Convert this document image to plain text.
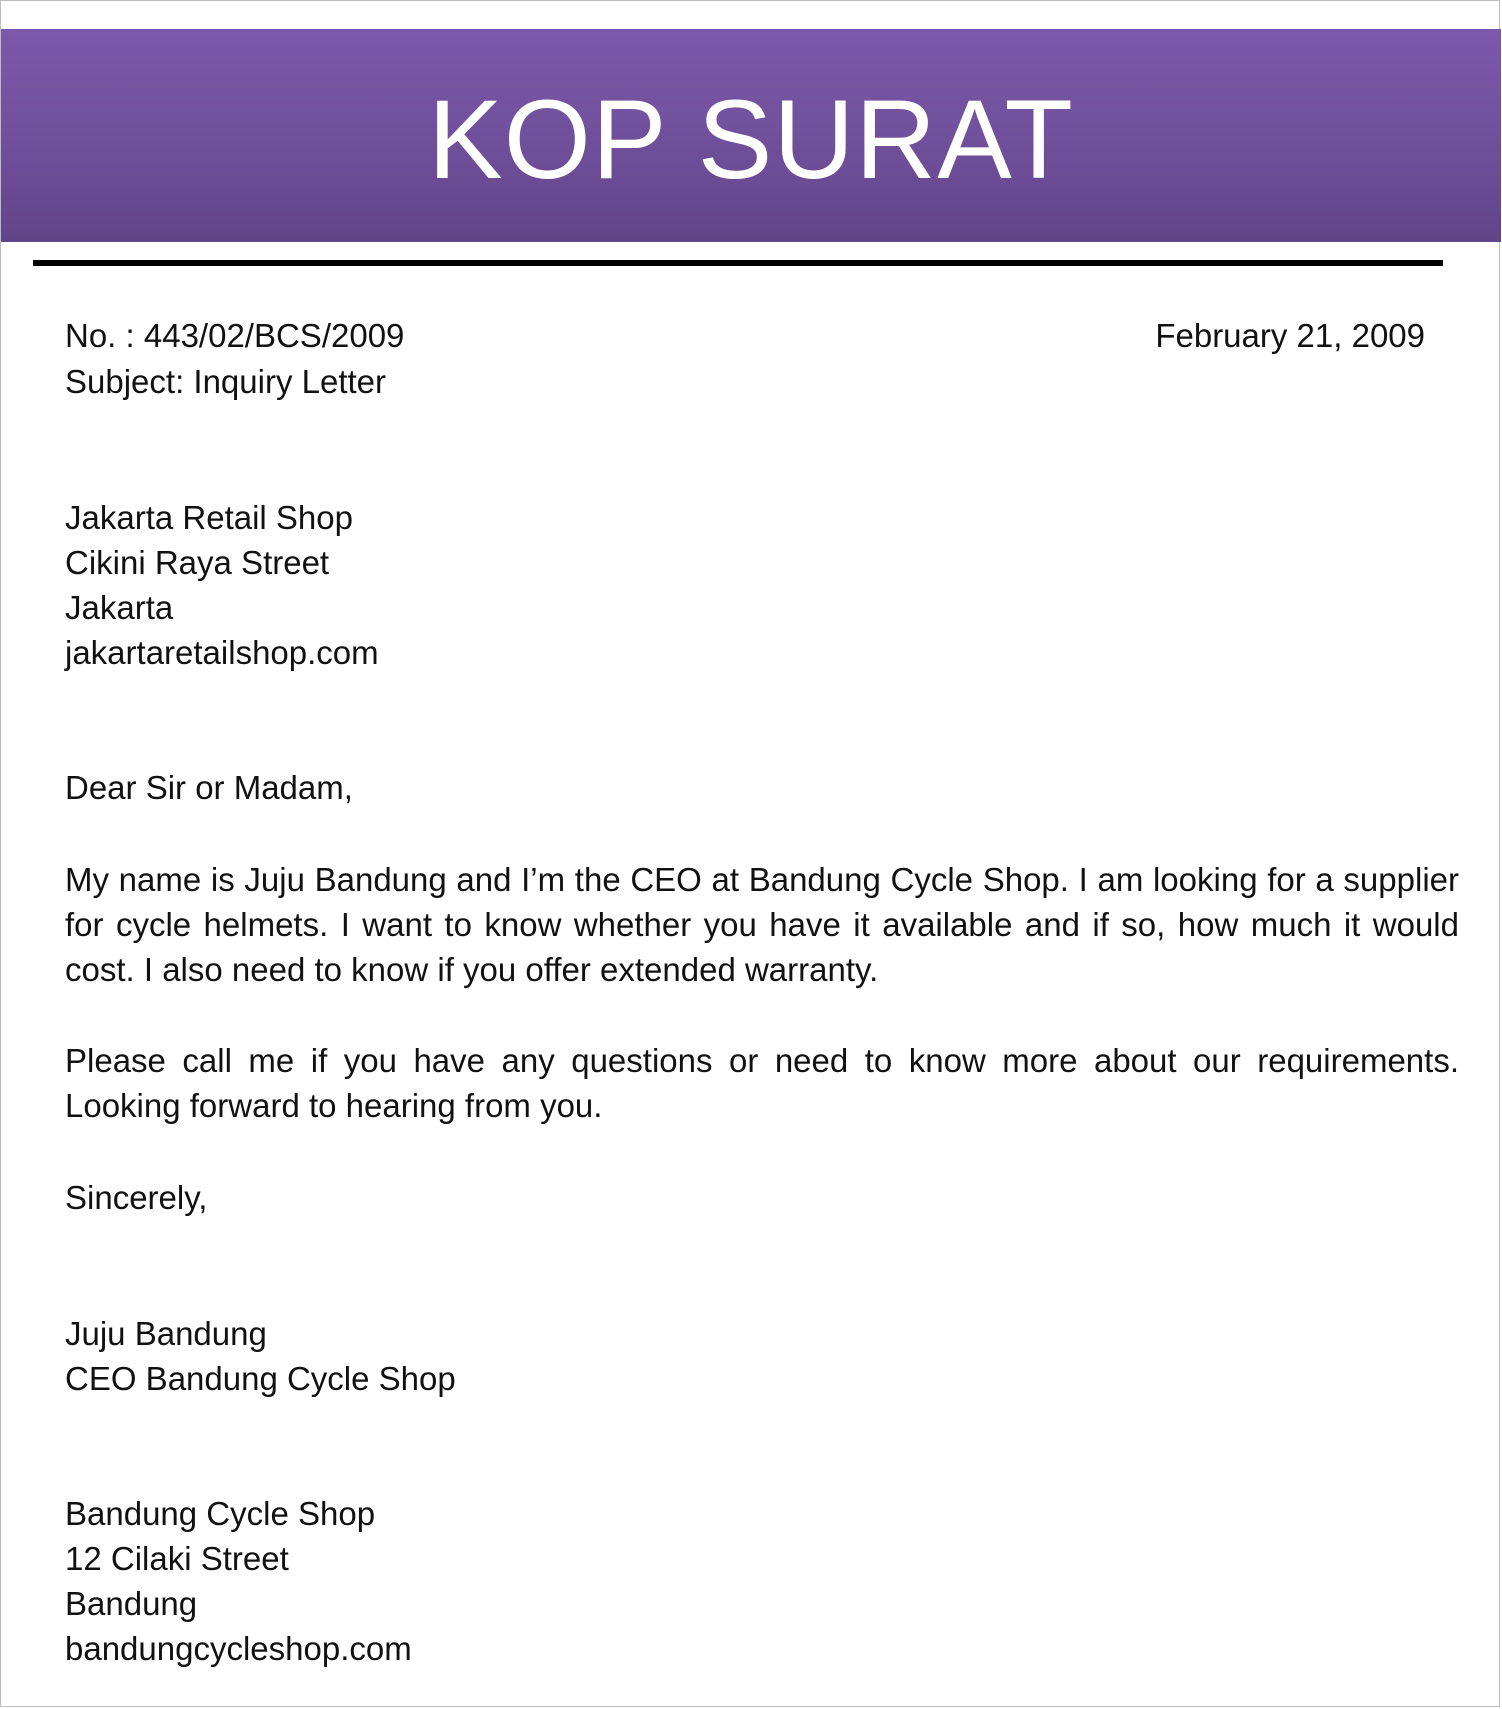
KOP SURAT
No. : 443/02/BCS/2009
Subject: Inquiry Letter
February 21, 2009
Jakarta Retail Shop
Cikini Raya Street
Jakarta
jakartaretailshop.com
Dear Sir or Madam,
My name is Juju Bandung and I’m the CEO at Bandung Cycle Shop. I am looking for a supplier for cycle helmets. I want to know whether you have it available and if so, how much it would cost. I also need to know if you offer extended warranty.
Please call me if you have any questions or need to know more about our requirements. Looking forward to hearing from you.
Sincerely,
Juju Bandung
CEO Bandung Cycle Shop
Bandung Cycle Shop
12 Cilaki Street
Bandung
bandungcycleshop.com
